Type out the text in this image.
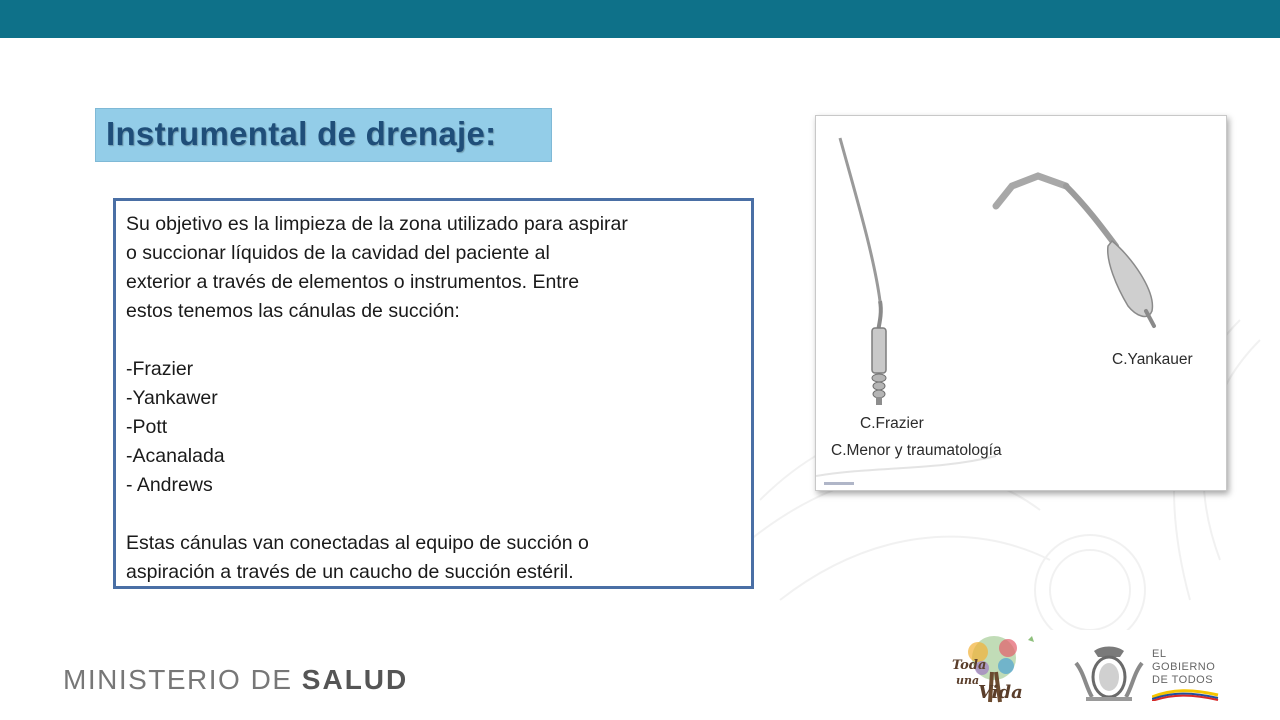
Instrumental de drenaje:

Su objetivo es la limpieza de la zona utilizado para aspirar

o succionar líquidos de la cavidad del paciente al

exterior a través de elementos o instrumentos. Entre

estos tenemos las cánulas de succión:

-Frazier

-Yankawer

-Pott

-Acanalada

- Andrews

Estas cánulas van conectadas al equipo de succión o

aspiración a través de un caucho de succión estéril.

C.Frazier
C.Menor y traumatología
C.Yankauer
MINISTERIO DE SALUD	Toda
una
Vida
EL
GOBIERNO
DE TODOS
